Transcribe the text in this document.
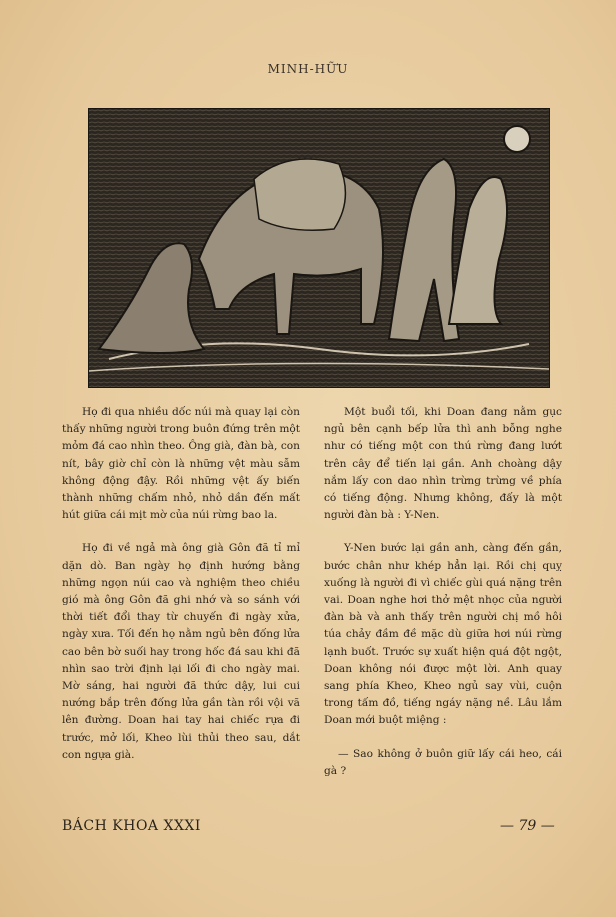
MINH-HỮU

Họ đi qua nhiều dốc núi mà quay lại còn thấy những người trong buôn đứng trên một mỏm đá cao nhìn theo. Ông già, đàn bà, con nít, bây giờ chỉ còn là những vệt màu sẫm không động đậy. Rồi những vệt ấy biến thành những chấm nhỏ, nhỏ dần đến mất hút giữa cái mịt mờ của núi rừng bao la.

Họ đi về ngả mà ông già Gôn đã tỉ mỉ dặn dò. Ban ngày họ định hướng bằng những ngọn núi cao và nghiệm theo chiều gió mà ông Gôn đã ghi nhớ và so sánh với thời tiết đổi thay từ chuyến đi ngày xửa, ngày xưa. Tối đến họ nằm ngủ bên đống lửa cao bên bờ suối hay trong hốc đá sau khi đã nhìn sao trời định lại lối đi cho ngày mai. Mờ sáng, hai người đã thức dậy, lui cui nướng bắp trên đống lửa gần tàn rồi vội vã lên đường. Doan hai tay hai chiếc rựa đi trước, mở lối, Kheo lùi thủi theo sau, dắt con ngựa già.

Một buổi tối, khi Doan đang nằm gục ngủ bên cạnh bếp lửa thì anh bỗng nghe như có tiếng một con thú rừng đang lướt trên cây để tiến lại gần. Anh choàng dậy nắm lấy con dao nhìn trừng trừng về phía có tiếng động. Nhưng không, đấy là một người đàn bà : Y-Nen.

Y-Nen bước lại gần anh, càng đến gần, bước chân như khép hẳn lại. Rồi chị quỵ xuống là người đi vì chiếc gùi quá nặng trên vai. Doan nghe hơi thở mệt nhọc của người đàn bà và anh thấy trên người chị mồ hôi túa chảy đầm đề mặc dù giữa hơi núi rừng lạnh buốt. Trước sự xuất hiện quá đột ngột, Doan không nói được một lời. Anh quay sang phía Kheo, Kheo ngủ say vùi, cuộn trong tấm đồ, tiếng ngáy nặng nề. Lâu lắm Doan mới buột miệng :

— Sao không ở buôn giữ lấy cái heo, cái gà ?

BÁCH KHOA XXXI	— 79 —
